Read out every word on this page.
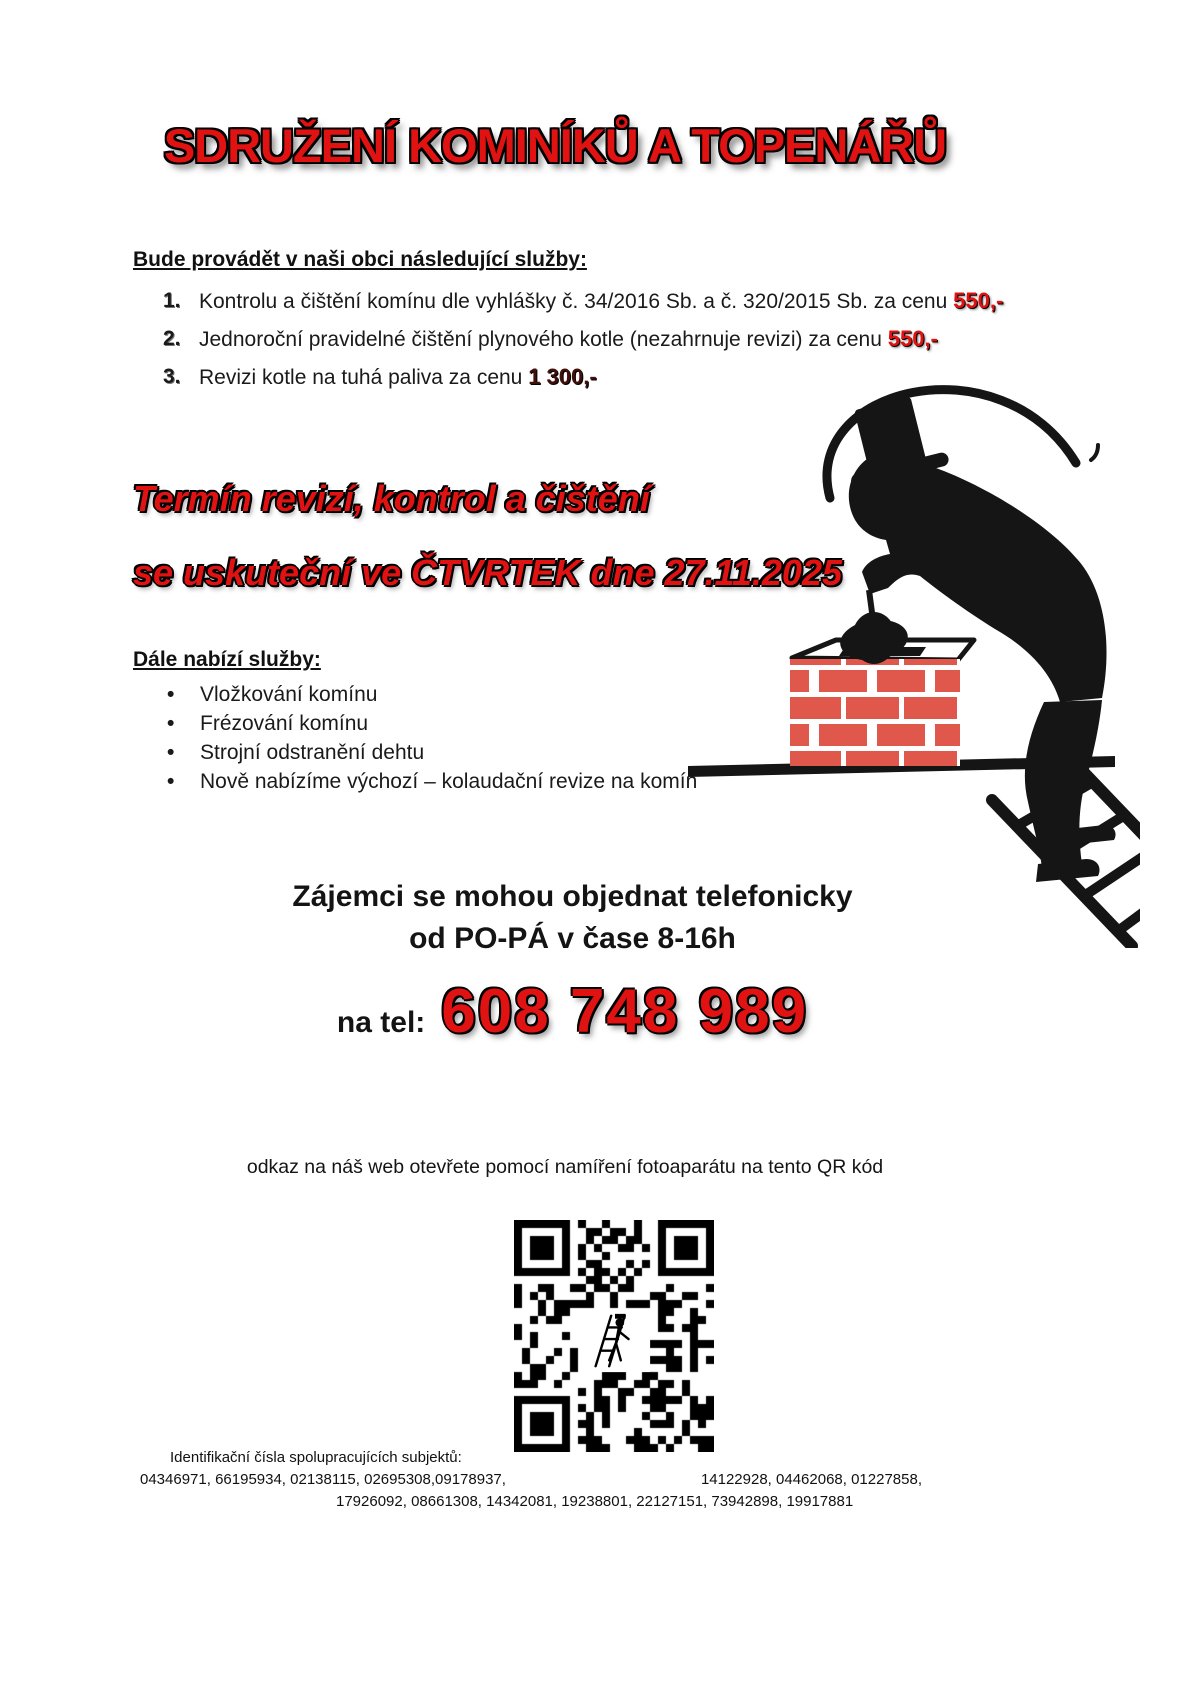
SDRUŽENÍ KOMINÍKŮ A TOPENÁŘŮ
Bude provádět v naši obci následující služby:
1. Kontrolu a čištění komínu dle vyhlášky č. 34/2016 Sb. a č. 320/2015 Sb. za cenu 550,-
2. Jednoroční pravidelné čištění plynového kotle (nezahrnuje revizi) za cenu 550,-
3. Revizi kotle na tuhá paliva za cenu 1 300,-
Termín revizí, kontrol a čištění
se uskuteční ve ČTVRTEK dne 27.11.2025
Dále nabízí služby:
• Vložkování komínu
• Frézování komínu
• Strojní odstranění dehtu
• Nově nabízíme výchozí – kolaudační revize na komín
Zájemci se mohou objednat telefonicky
od PO-PÁ v čase 8-16h
na tel: 608 748 989
odkaz na náš web otevřete pomocí namíření fotoaparátu na tento QR kód
Identifikační čísla spolupracujících subjektů:
04346971, 66195934, 02138115, 02695308,09178937,	14122928, 04462068, 01227858,
17926092, 08661308, 14342081, 19238801, 22127151, 73942898, 19917881
